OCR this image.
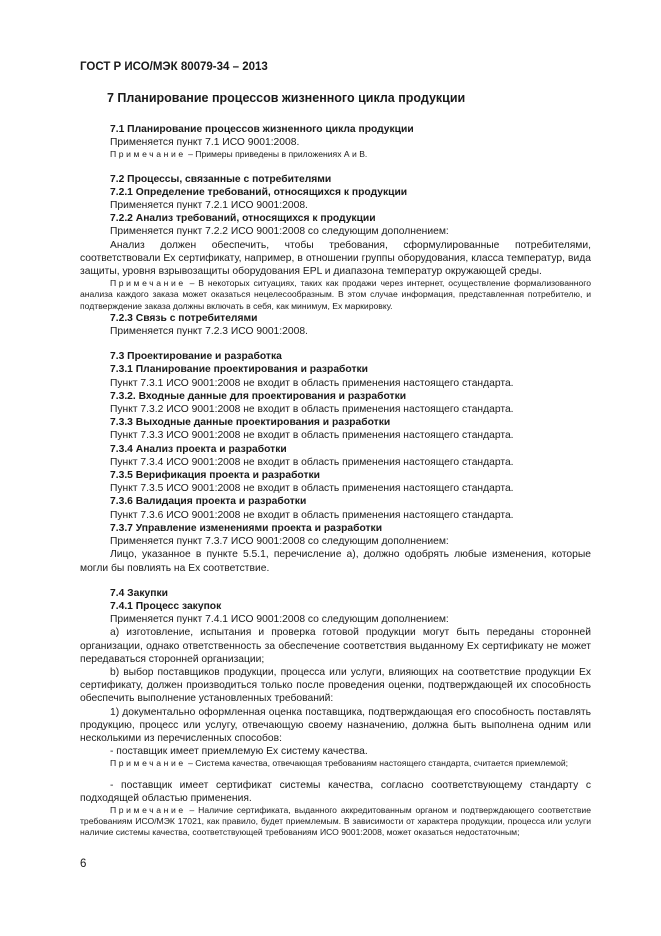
ГОСТ Р ИСО/МЭК 80079-34 – 2013
7 Планирование процессов жизненного цикла продукции

7.1 Планирование процессов жизненного цикла продукции

Применяется пункт 7.1 ИСО 9001:2008.

Примечание – Примеры приведены в приложениях А и В.

7.2 Процессы, связанные с потребителями

7.2.1 Определение требований, относящихся к продукции

Применяется пункт 7.2.1 ИСО 9001:2008.

7.2.2 Анализ требований, относящихся к продукции

Применяется пункт 7.2.2 ИСО 9001:2008 со следующим дополнением:

Анализ должен обеспечить, чтобы требования, сформулированные потребителями, соответствовали Ех сертификату, например, в отношении группы оборудования, класса температур, вида защиты, уровня взрывозащиты оборудования EPL и диапазона температур окружающей среды.

Примечание – В некоторых ситуациях, таких как продажи через интернет, осуществление формализованного анализа каждого заказа может оказаться нецелесообразным. В этом случае информация, представленная потребителю, и подтверждение заказа должны включать в себя, как минимум, Ех маркировку.

7.2.3 Связь с потребителями

Применяется пункт 7.2.3 ИСО 9001:2008.

7.3 Проектирование и разработка

7.3.1 Планирование проектирования и разработки

Пункт 7.3.1 ИСО 9001:2008 не входит в область применения настоящего стандарта.

7.3.2. Входные данные для проектирования и разработки

Пункт 7.3.2 ИСО 9001:2008 не входит в область применения настоящего стандарта.

7.3.3 Выходные данные проектирования и разработки

Пункт 7.3.3 ИСО 9001:2008 не входит в область применения настоящего стандарта.

7.3.4 Анализ проекта и разработки

Пункт 7.3.4 ИСО 9001:2008 не входит в область применения настоящего стандарта.

7.3.5 Верификация проекта и разработки

Пункт 7.3.5 ИСО 9001:2008 не входит в область применения настоящего стандарта.

7.3.6 Валидация проекта и разработки

Пункт 7.3.6 ИСО 9001:2008 не входит в область применения настоящего стандарта.

7.3.7 Управление изменениями проекта и разработки

Применяется пункт 7.3.7 ИСО 9001:2008 со следующим дополнением:

Лицо, указанное в пункте 5.5.1, перечисление а), должно одобрять любые изменения, которые могли бы повлиять на Ех соответствие.

7.4 Закупки

7.4.1 Процесс закупок

Применяется пункт 7.4.1 ИСО 9001:2008 со следующим дополнением:

а) изготовление, испытания и проверка готовой продукции могут быть переданы сторонней организации, однако ответственность за обеспечение соответствия выданному Ех сертификату не может передаваться сторонней организации;

b) выбор поставщиков продукции, процесса или услуги, влияющих на соответствие продукции Ех сертификату, должен производиться только после проведения оценки, подтверждающей их способность обеспечить выполнение установленных требований:

1) документально оформленная оценка поставщика, подтверждающая его способность поставлять продукцию, процесс или услугу, отвечающую своему назначению, должна быть выполнена одним или несколькими из перечисленных способов:

- поставщик имеет приемлемую Ех систему качества.

Примечание – Система качества, отвечающая требованиям настоящего стандарта, считается приемлемой;

- поставщик имеет сертификат системы качества, согласно соответствующему стандарту с подходящей областью применения.

Примечание – Наличие сертификата, выданного аккредитованным органом и подтверждающего соответствие требованиям ИСО/МЭК 17021, как правило, будет приемлемым. В зависимости от характера продукции, процесса или услуги наличие системы качества, соответствующей требованиям ИСО 9001:2008, может оказаться недостаточным;

6
